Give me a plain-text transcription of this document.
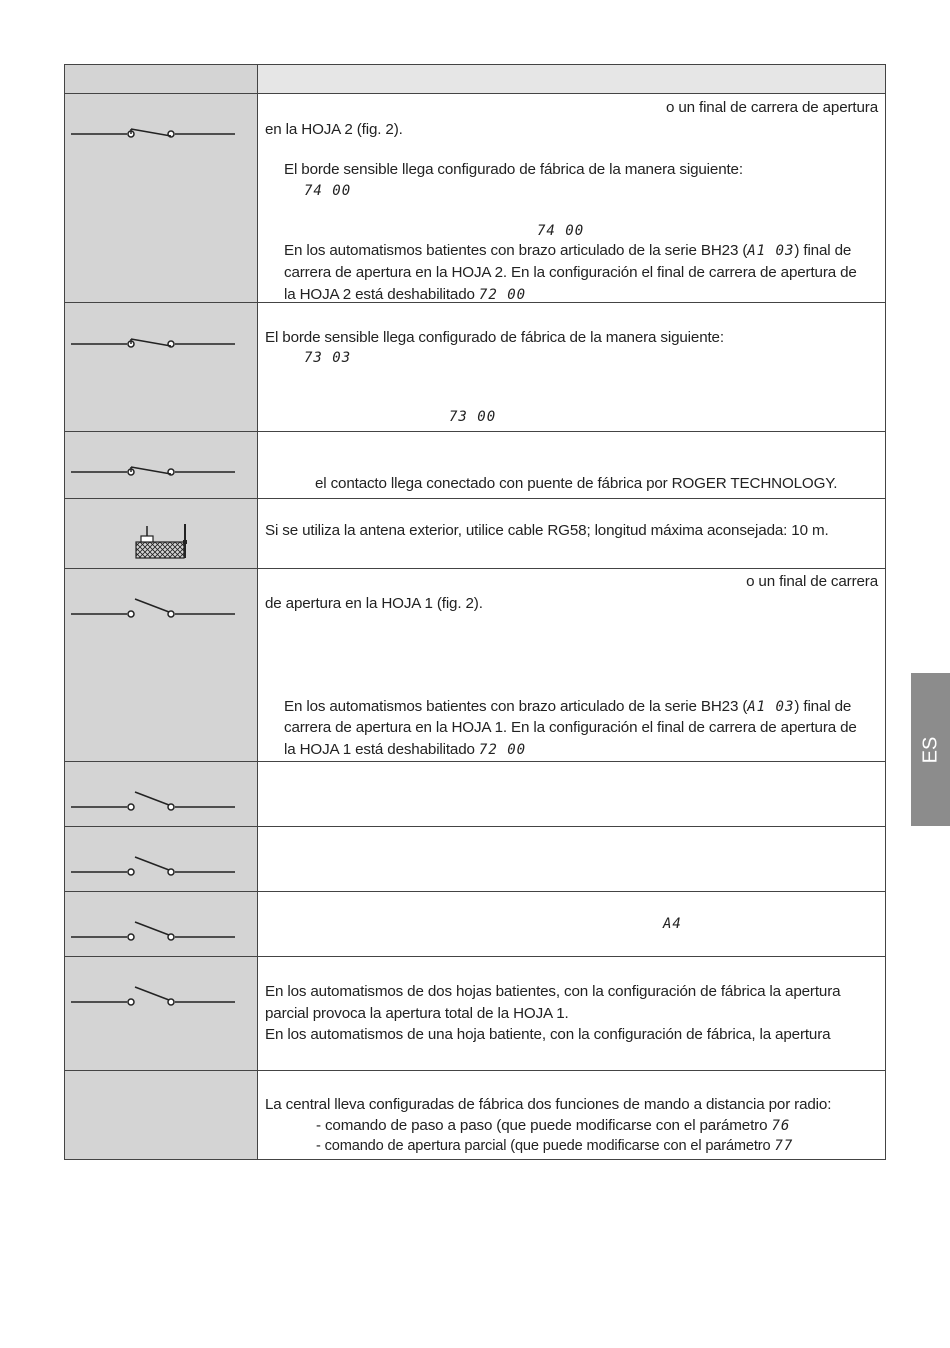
o un final de carrera de apertura
en la HOJA 2 (fig. 2).
El borde sensible llega configurado de fábrica de la manera siguiente:
74 00
74 00
En los automatismos batientes con brazo articulado de la serie BH23 (A1 03) final de
carrera de apertura en la HOJA 2. En la configuración el final de carrera de apertura de
la HOJA 2 está deshabilitado 72 00
El borde sensible llega configurado de fábrica de la manera siguiente:
73 03
73 00
el contacto llega conectado con puente de fábrica por ROGER TECHNOLOGY.
Si se utiliza la antena exterior, utilice cable RG58; longitud máxima aconsejada: 10 m.
o un final de carrera
de apertura en la HOJA 1 (fig. 2).
En los automatismos batientes con brazo articulado de la serie BH23 (A1 03) final de
carrera de apertura en la HOJA 1. En la configuración el final de carrera de apertura de
la HOJA 1 está deshabilitado 72 00
A4
En los automatismos de dos hojas batientes, con la configuración de fábrica la apertura
parcial provoca la apertura total de la HOJA 1.
En los automatismos de una hoja batiente, con la configuración de fábrica, la apertura
La central lleva configuradas de fábrica dos funciones de mando a distancia por radio:
- comando de paso a paso (que puede modificarse con el parámetro 76
- comando de apertura parcial (que puede modificarse con el parámetro 77
ES
